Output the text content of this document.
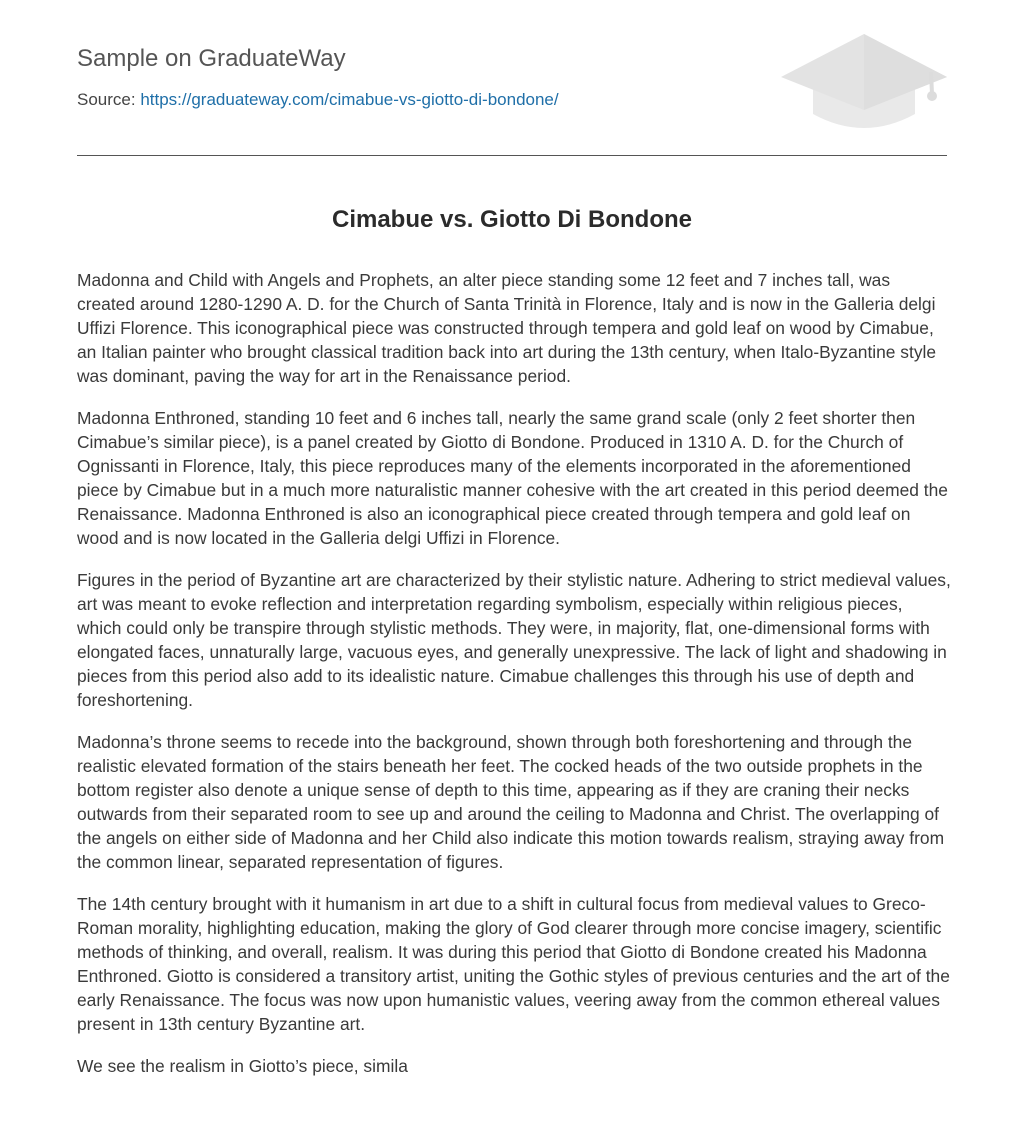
Sample on GraduateWay
Source: https://graduateway.com/cimabue-vs-giotto-di-bondone/
Cimabue vs. Giotto Di Bondone

Madonna and Child with Angels and Prophets, an alter piece standing some 12 feet and 7 inches tall, was created around 1280-1290 A. D. for the Church of Santa Trinità in Florence, Italy and is now in the Galleria delgi Uffizi Florence. This iconographical piece was constructed through tempera and gold leaf on wood by Cimabue, an Italian painter who brought classical tradition back into art during the 13th century, when Italo-Byzantine style was dominant, paving the way for art in the Renaissance period.

Madonna Enthroned, standing 10 feet and 6 inches tall, nearly the same grand scale (only 2 feet shorter then Cimabue’s similar piece), is a panel created by Giotto di Bondone. Produced in 1310 A. D. for the Church of Ognissanti in Florence, Italy, this piece reproduces many of the elements incorporated in the aforementioned piece by Cimabue but in a much more naturalistic manner cohesive with the art created in this period deemed the Renaissance. Madonna Enthroned is also an iconographical piece created through tempera and gold leaf on wood and is now located in the Galleria delgi Uffizi in Florence.

Figures in the period of Byzantine art are characterized by their stylistic nature. Adhering to strict medieval values, art was meant to evoke reflection and interpretation regarding symbolism, especially within religious pieces, which could only be transpire through stylistic methods. They were, in majority, flat, one-dimensional forms with elongated faces, unnaturally large, vacuous eyes, and generally unexpressive. The lack of light and shadowing in pieces from this period also add to its idealistic nature. Cimabue challenges this through his use of depth and foreshortening.

Madonna’s throne seems to recede into the background, shown through both foreshortening and through the realistic elevated formation of the stairs beneath her feet. The cocked heads of the two outside prophets in the bottom register also denote a unique sense of depth to this time, appearing as if they are craning their necks outwards from their separated room to see up and around the ceiling to Madonna and Christ. The overlapping of the angels on either side of Madonna and her Child also indicate this motion towards realism, straying away from the common linear, separated representation of figures.

The 14th century brought with it humanism in art due to a shift in cultural focus from medieval values to Greco-Roman morality, highlighting education, making the glory of God clearer through more concise imagery, scientific methods of thinking, and overall, realism. It was during this period that Giotto di Bondone created his Madonna Enthroned. Giotto is considered a transitory artist, uniting the Gothic styles of previous centuries and the art of the early Renaissance. The focus was now upon humanistic values, veering away from the common ethereal values present in 13th century Byzantine art.

We see the realism in Giotto’s piece, simila
